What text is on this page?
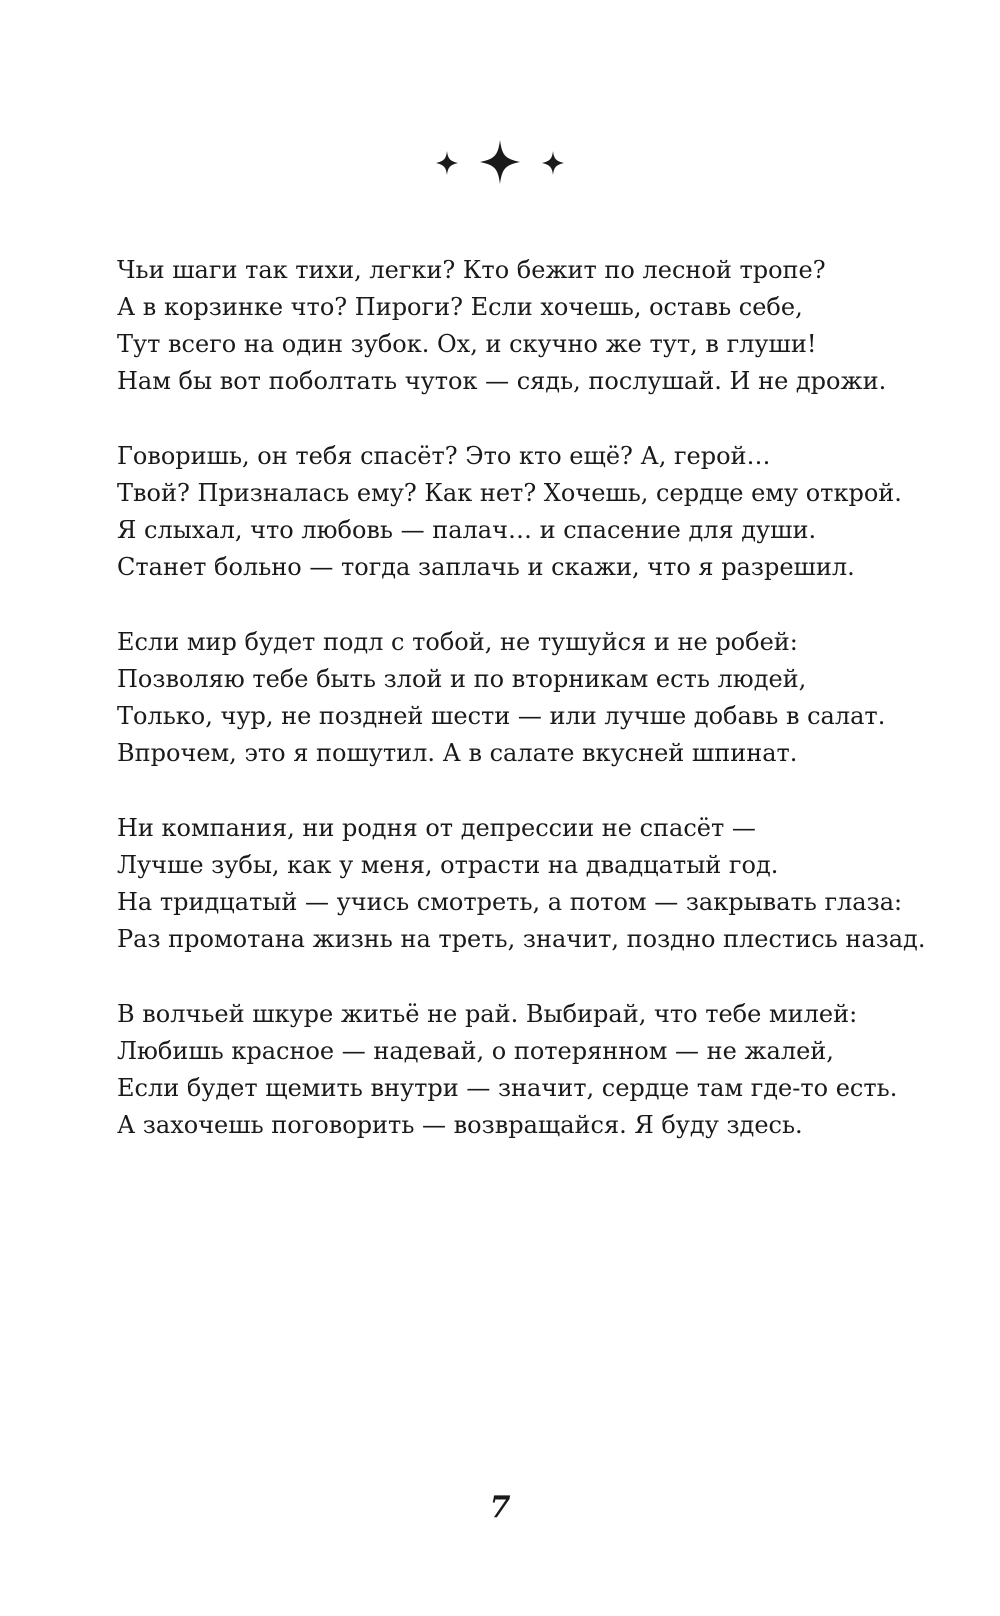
Чьи шаги так тихи, легки? Кто бежит по лесной тропе?
А в корзинке что? Пироги? Если хочешь, оставь себе,
Тут всего на один зубок. Ох, и скучно же тут, в глуши!
Нам бы вот поболтать чуток — сядь, послушай. И не дрожи.
Говоришь, он тебя спасёт? Это кто ещё? А, герой…
Твой? Призналась ему? Как нет? Хочешь, сердце ему открой.
Я слыхал, что любовь — палач… и спасение для души.
Станет больно — тогда заплачь и скажи, что я разрешил.
Если мир будет подл с тобой, не тушуйся и не робей:
Позволяю тебе быть злой и по вторникам есть людей,
Только, чур, не поздней шести — или лучше добавь в салат.
Впрочем, это я пошутил. А в салате вкусней шпинат.
Ни компания, ни родня от депрессии не спасёт —
Лучше зубы, как у меня, отрасти на двадцатый год.
На тридцатый — учись смотреть, а потом — закрывать глаза:
Раз промотана жизнь на треть, значит, поздно плестись назад.
В волчьей шкуре житьё не рай. Выбирай, что тебе милей:
Любишь красное — надевай, о потерянном — не жалей,
Если будет щемить внутри — значит, сердце там где-то есть.
А захочешь поговорить — возвращайся. Я буду здесь.
7
